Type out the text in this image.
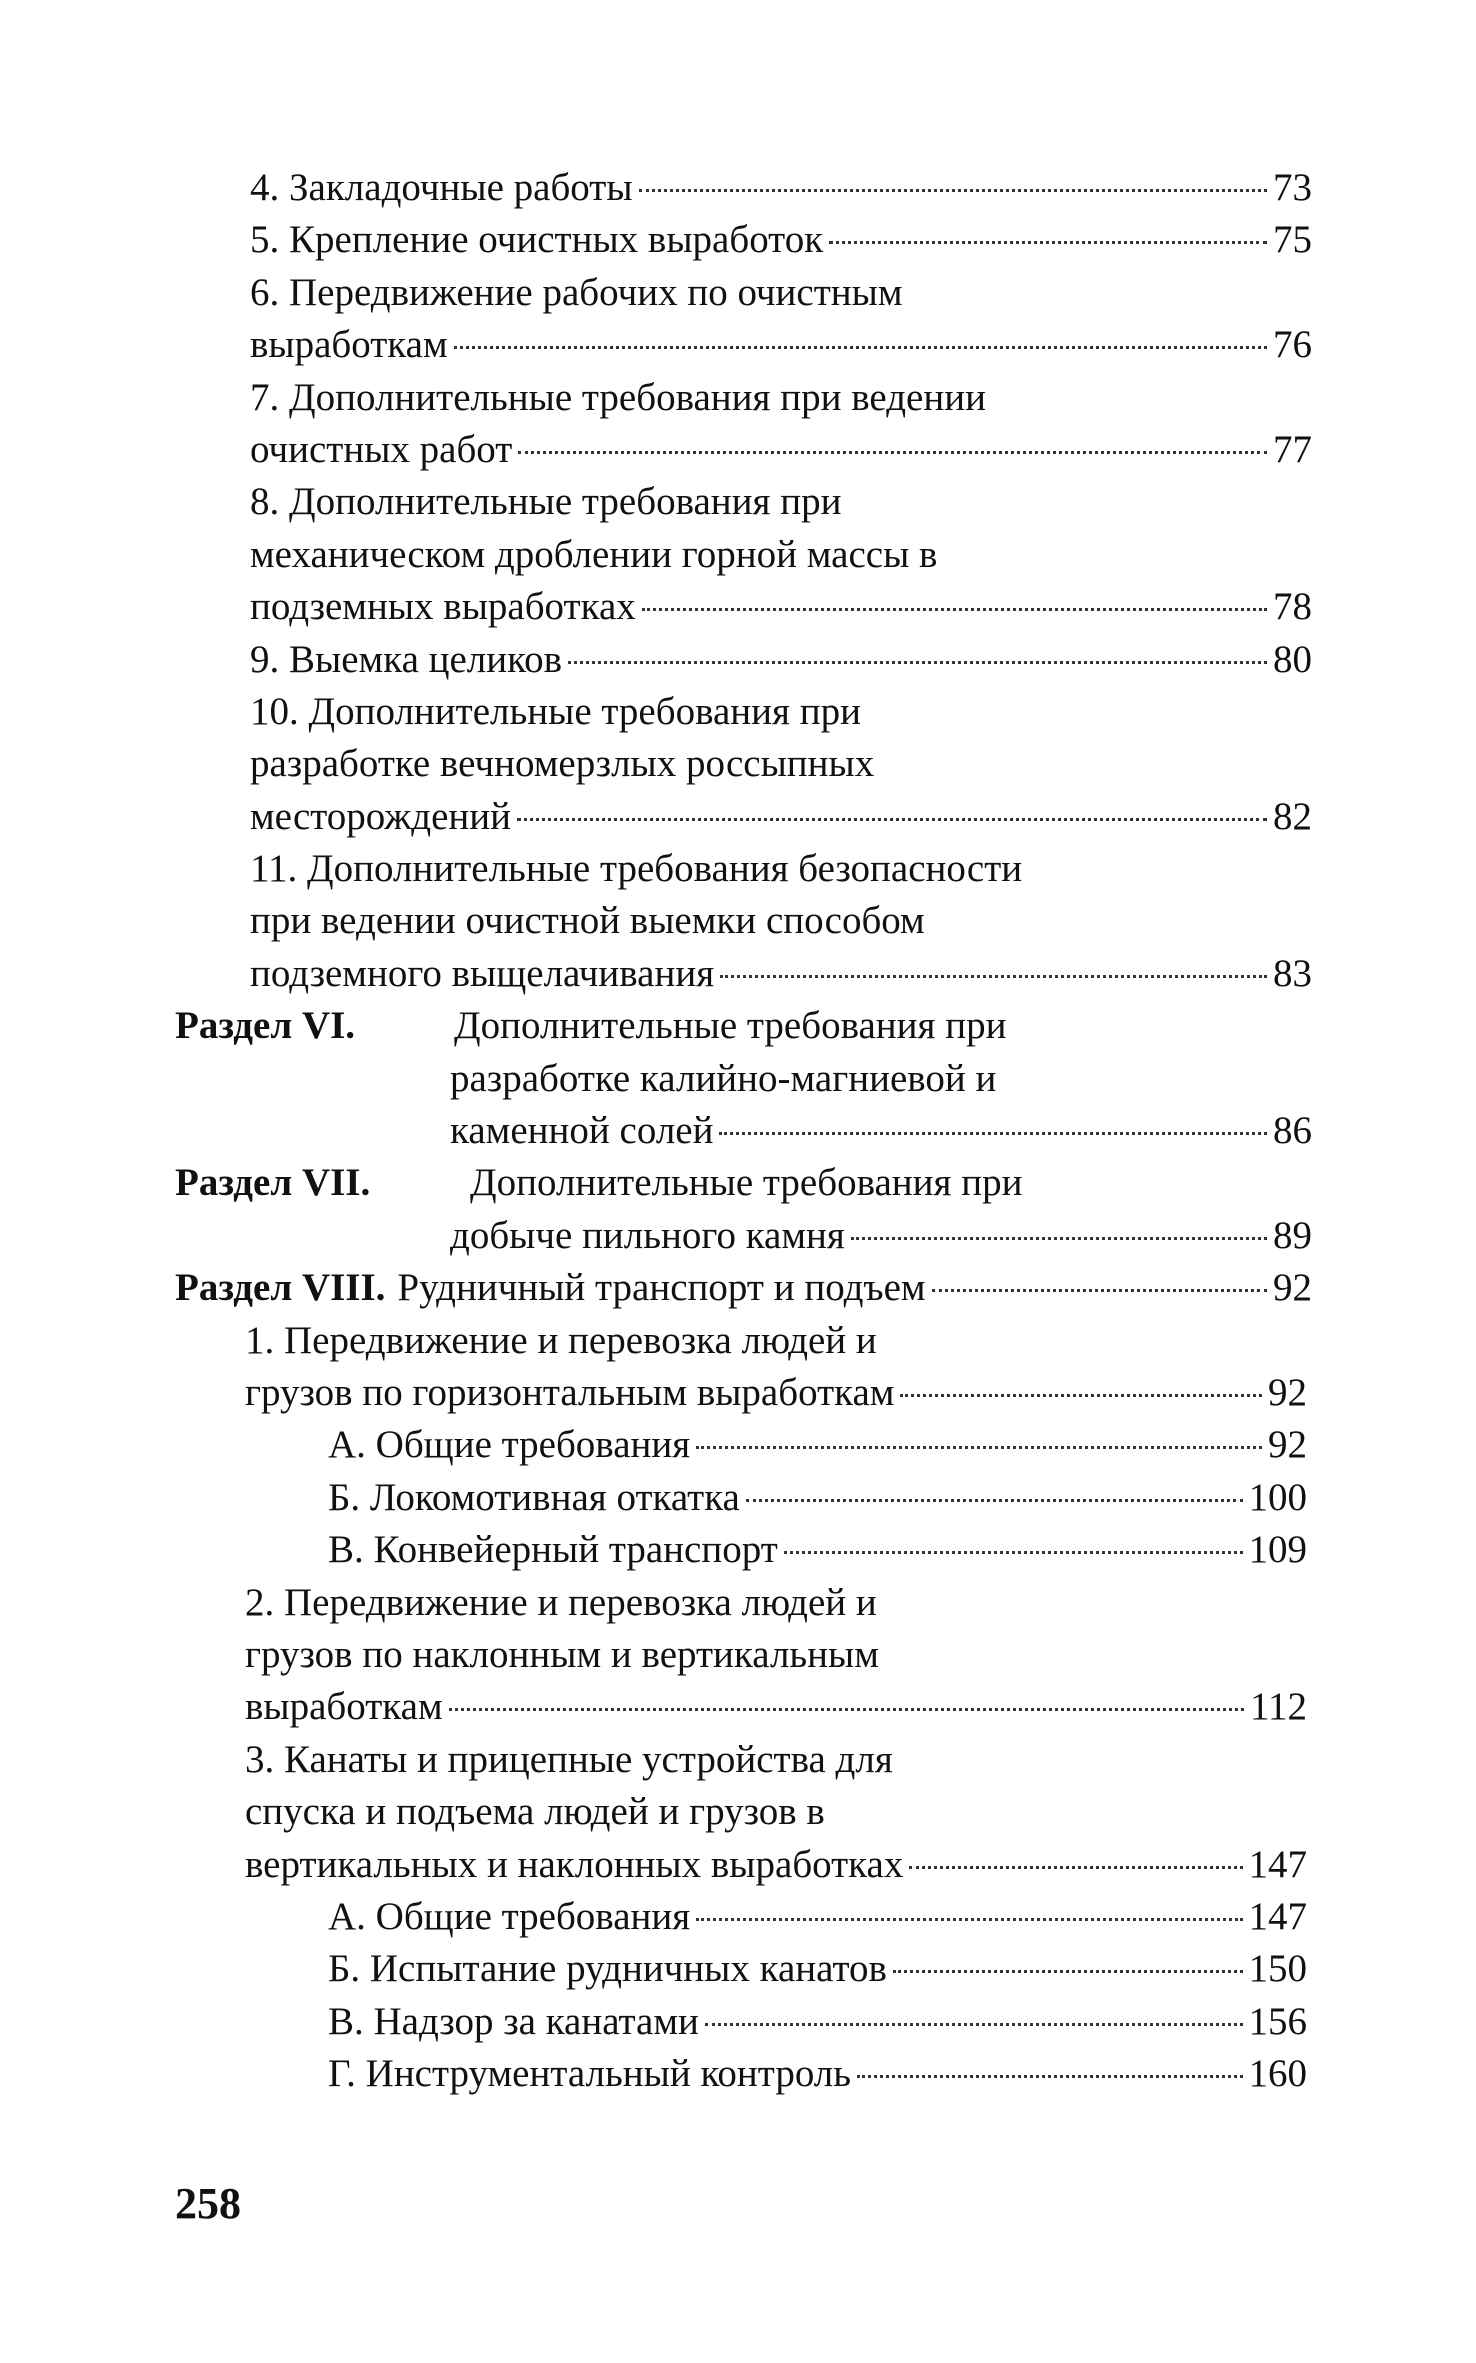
4. Закладочные работы	73
5. Крепление очистных выработок	75
6. Передвижение рабочих по очистным
выработкам	76
7. Дополнительные требования при ведении
очистных работ	77
8. Дополнительные требования при
механическом дроблении горной массы в
подземных выработках	78
9. Выемка целиков	80
10. Дополнительные требования при
разработке вечномерзлых россыпных
месторождений	82
11. Дополнительные требования безопасности
при ведении очистной выемки способом
подземного выщелачивания	83
Раздел VI.	Дополнительные требования при
разработке калийно-магниевой и
каменной солей	86
Раздел VII.	Дополнительные требования при
добыче пильного камня	89
Раздел VIII. Рудничный транспорт и подъем	92
1. Передвижение и перевозка людей и
грузов по горизонтальным выработкам	92
А. Общие требования	92
Б. Локомотивная откатка	100
В. Конвейерный транспорт	109
2. Передвижение и перевозка людей и
грузов по наклонным и вертикальным
выработкам	112
3. Канаты и прицепные устройства для
спуска и подъема людей и грузов в
вертикальных и наклонных выработках	147
А. Общие требования	147
Б. Испытание рудничных канатов	150
В. Надзор за канатами	156
Г. Инструментальный контроль	160
258
